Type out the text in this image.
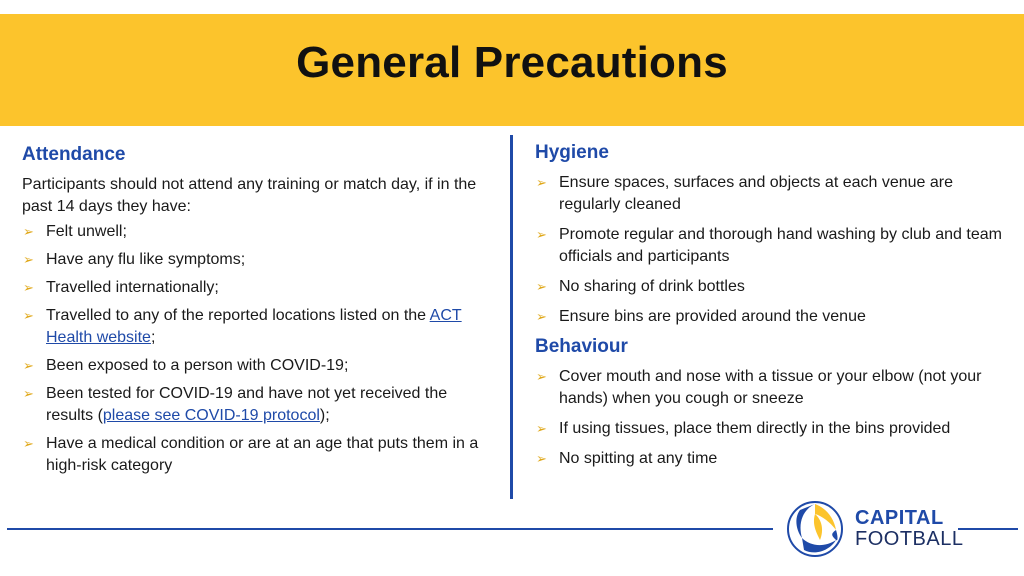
General Precautions
Attendance

Participants should not attend any training or match day, if in the past 14 days they have:

➢ Felt unwell;
➢ Have any flu like symptoms;
➢ Travelled internationally;
➢ Travelled to any of the reported locations listed on the ACT Health website;
➢ Been exposed to a person with COVID-19;
➢ Been tested for COVID-19 and have not yet received the results (please see COVID-19 protocol);
➢ Have a medical condition or are at an age that puts them in a high-risk category
Hygiene
➢ Ensure spaces, surfaces and objects at each venue are regularly cleaned
➢ Promote regular and thorough hand washing by club and team officials and participants
➢ No sharing of drink bottles
➢ Ensure bins are provided around the venue
Behaviour
➢ Cover mouth and nose with a tissue or your elbow (not your hands) when you cough or sneeze
➢ If using tissues, place them directly in the bins provided
➢ No spitting at any time
CAPITAL
FOOTBALL
